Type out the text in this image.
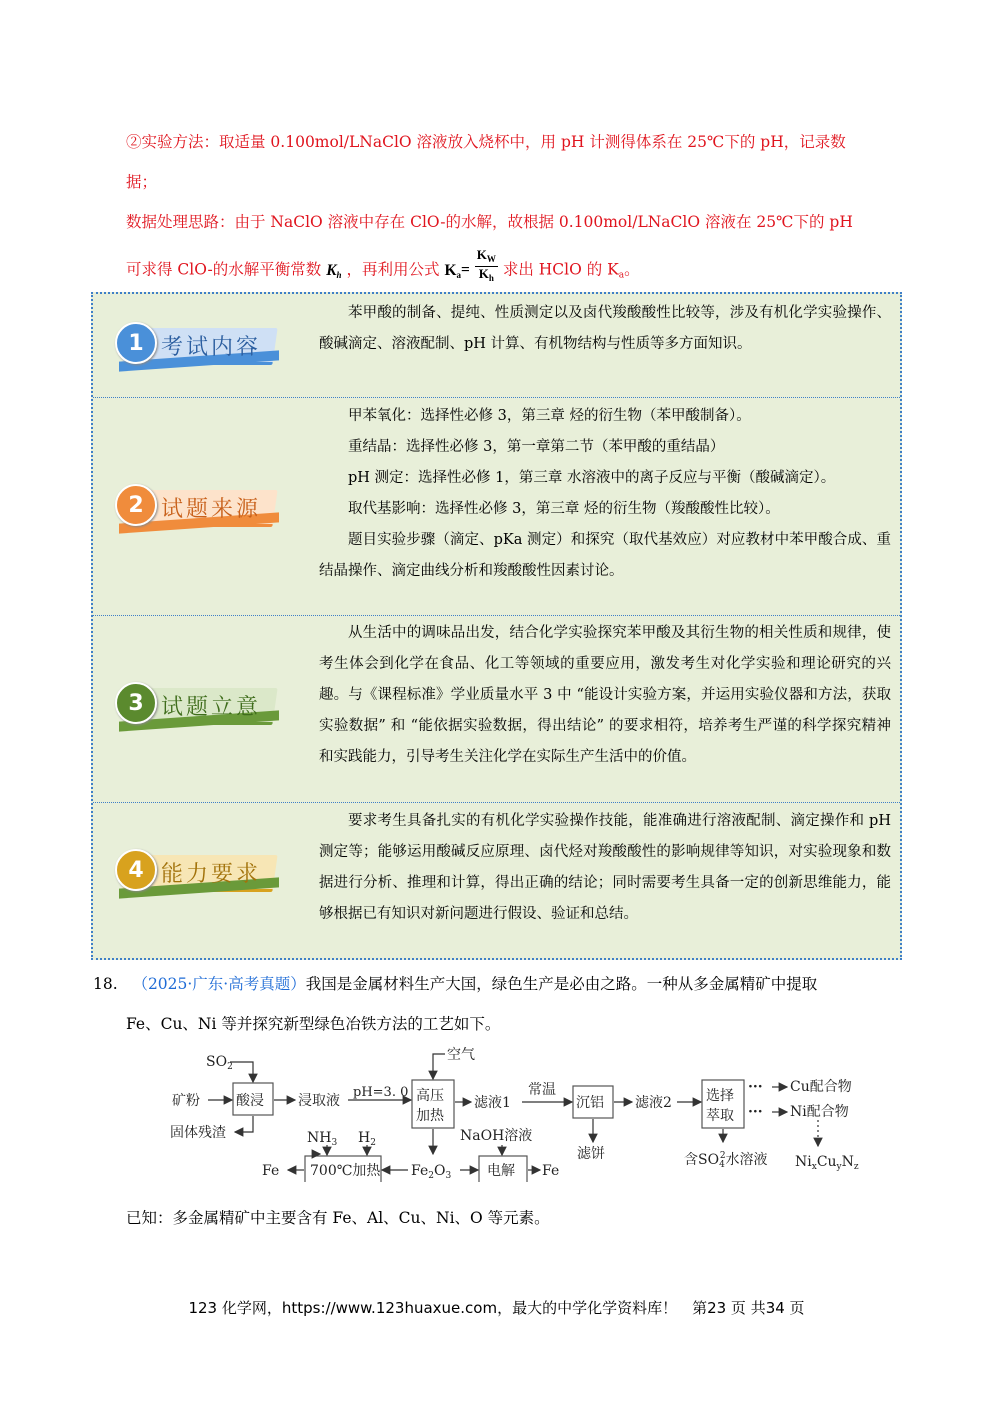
②实验方法：取适量 0.100mol/LNaClO 溶液放入烧杯中，用 pH 计测得体系在 25℃下的 pH，记录数
据；
数据处理思路：由于 NaClO 溶液中存在 ClO-的水解，故根据 0.100mol/LNaClO 溶液在 25℃下的 pH
可求得 ClO-的水解平衡常数 $K_h$ ，再利用公式 $K_a= \frac{K_W}{K_h}$ 求出 HClO 的 $K_a$。
1 考试内容

苯甲酸的制备、提纯、性质测定以及卤代羧酸酸性比较等，涉及有机化学实验操作、酸碱滴定、溶液配制、pH 计算、有机物结构与性质等多方面知识。

2 试题来源

甲苯氧化：选择性必修 3，第三章 烃的衍生物（苯甲酸制备）。

重结晶：选择性必修 3，第一章第二节（苯甲酸的重结晶）

pH 测定：选择性必修 1，第三章 水溶液中的离子反应与平衡（酸碱滴定）。

取代基影响：选择性必修 3，第三章 烃的衍生物（羧酸酸性比较）。

题目实验步骤（滴定、pKa 测定）和探究（取代基效应）对应教材中苯甲酸合成、重结晶操作、滴定曲线分析和羧酸酸性因素讨论。

3 试题立意

从生活中的调味品出发，结合化学实验探究苯甲酸及其衍生物的相关性质和规律，使考生体会到化学在食品、化工等领域的重要应用，激发考生对化学实验和理论研究的兴趣。与《课程标准》学业质量水平 3 中 “能设计实验方案，并运用实验仪器和方法，获取实验数据” 和 “能依据实验数据，得出结论” 的要求相符，培养考生严谨的科学探究精神和实践能力，引导考生关注化学在实际生产生活中的价值。

4 能力要求

要求考生具备扎实的有机化学实验操作技能，能准确进行溶液配制、滴定操作和 pH 测定等；能够运用酸碱反应原理、卤代烃对羧酸酸性的影响规律等知识，对实验现象和数据进行分析、推理和计算，得出正确的结论；同时需要考生具备一定的创新思维能力，能够根据已有知识对新问题进行假设、验证和总结。

18. （2025·广东·高考真题）我国是金属材料生产大国，绿色生产是必由之路。一种从多金属精矿中提取
Fe、Cu、Ni 等并探究新型绿色冶铁方法的工艺如下。
$SO_2$
矿粉	酸浸 浸取液
固体残渣
pH=3. 0
空气
高压
加热
滤液1
常温
沉铝
滤饼
滤液2 选择
萃取
···
···
Cu配合物
Ni配合物
含$SO_42$水溶液 $Ni_xCu_yN_z$
$NH_3$ $H_2$	NaOH溶液
700℃加热 $Fe_2O_3$	电解
Fe	Fe
已知：多金属精矿中主要含有 Fe、Al、Cu、Ni、O 等元素。
123 化学网，https://www.123huaxue.com，最大的中学化学资料库！　第23 页 共34 页
